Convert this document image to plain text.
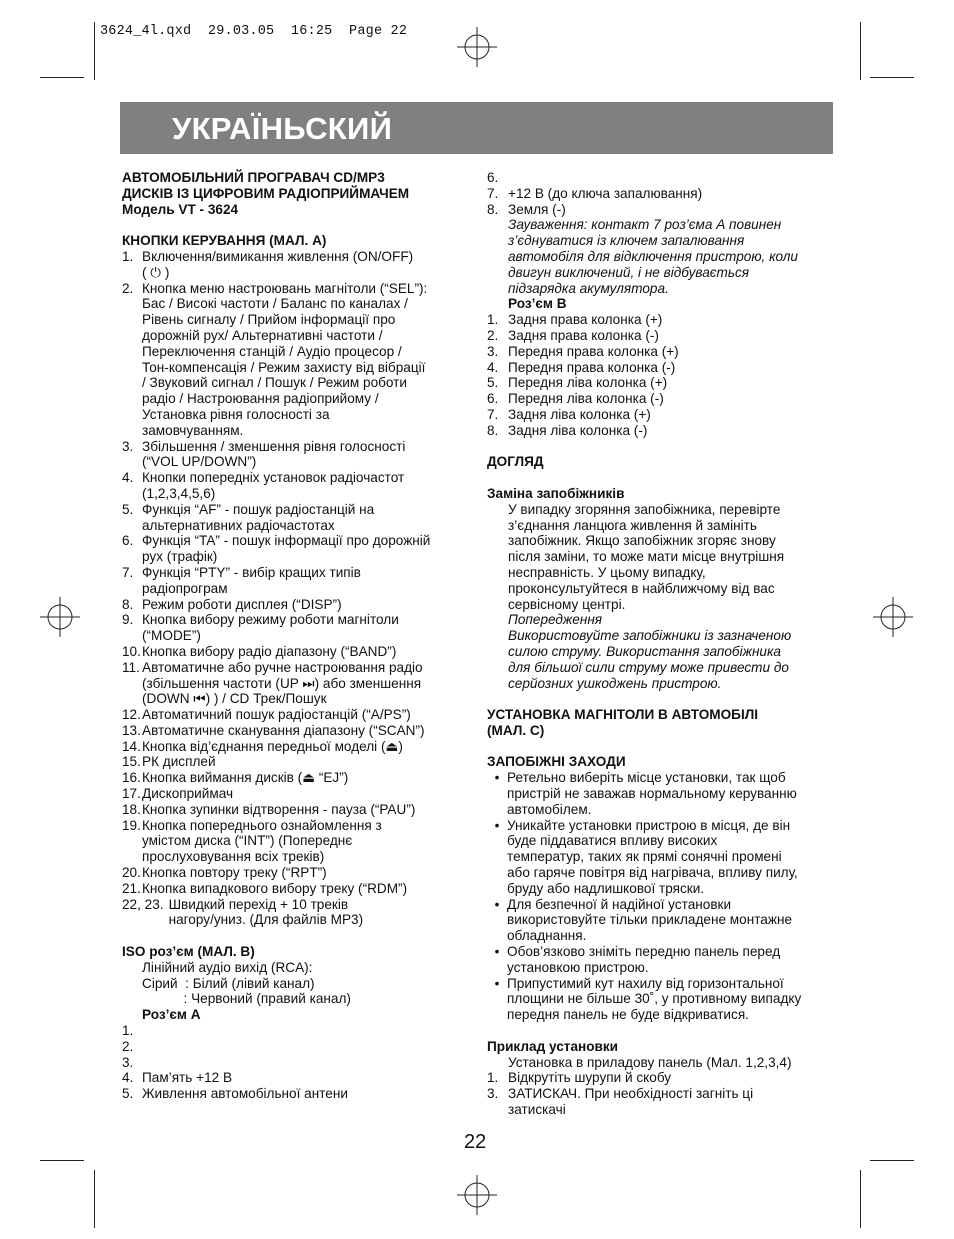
3624_4l.qxd  29.03.05  16:25  Page 22
УКРАЇНЬСКИЙ
АВТОМОБІЛЬНИЙ ПРОГРАВАЧ CD/MP3
ДИСКІВ ІЗ ЦИФРОВИМ РАДІОПРИЙМАЧЕМ
Модель VT - 3624
КНОПКИ КЕРУВАННЯ (МАЛ. А)
1. Включення/вимикання живлення (ON/OFF)
( ⏻ )
2. Кнопка меню настроювань магнітоли (“SEL”):
Бас / Високі частоти / Баланс по каналах /
Рівень сигналу / Прийом інформації про
дорожній рух/ Альтернативні частоти /
Переключення станцій / Аудіо процесор /
Тон-компенсація / Режим захисту від вібрації
/ Звуковий сигнал / Пошук / Режим роботи
радіо / Настроювання радіоприйому /
Установка рівня голосності за
замовчуванням.
3. Збільшення / зменшення рівня голосності
(“VOL UP/DOWN”)
4. Кнопки попередніх установок радіочастот
(1,2,3,4,5,6)
5. Функція “AF” - пошук радіостанцій на
альтернативних радіочастотах
6. Функція “TA” - пошук інформації про дорожній
рух (трафік)
7. Функція “PTY” - вибір кращих типів
радіопрограм
8. Режим роботи дисплея (“DISP”)
9. Кнопка вибору режиму роботи магнітоли
(“MODE”)
10. Кнопка вибору радіо діапазону (“BAND”)
11. Автоматичне або ручне настроювання радіо
(збільшення частоти (UP ⏭) або зменшення
(DOWN ⏮) ) / CD Трек/Пошук
12. Автоматичний пошук радіостанцій (“A/PS”)
13. Автоматичне сканування діапазону (“SCAN”)
14. Кнопка від’єднання передньої моделі (⏏)
15. РК дисплей
16. Кнопка виймання дисків (⏏ “EJ”)
17. Дископриймач
18. Кнопка зупинки відтворення - пауза (“PAU”)
19. Кнопка попереднього ознайомлення з
умістом диска (“INT”) (Попереднє
прослуховування всіх треків)
20. Кнопка повтору треку (“RPT”)
21. Кнопка випадкового вибору треку (“RDM”)
22, 23. Швидкий перехід + 10 треків
нагору/униз. (Для файлів MP3)
ISO роз’єм (МАЛ. B)
Лінійний аудіо вихід (RCA):
Сірий  : Білий (лівий канал)
: Червоний (правий канал)
Роз’єм A
1.

2.

3.

4. Пам’ять +12 В
5. Живлення автомобільної антени
6.

7. +12 В (до ключа запалювання)
8. Земля (-)
Зауваження: контакт 7 роз’єма А повинен
з’єднуватися із ключем запалювання
автомобіля для відключення пристрою, коли
двигун виключений, і не відбувається
підзарядка акумулятора.
Роз’єм B
1. Задня права колонка (+)
2. Задня права колонка (-)
3. Передня права колонка (+)
4. Передня права колонка (-)
5. Передня ліва колонка (+)
6. Передня ліва колонка (-)
7. Задня ліва колонка (+)
8. Задня ліва колонка (-)
ДОГЛЯД
Заміна запобіжників
У випадку згоряння запобіжника, перевірте
з’єднання ланцюга живлення й замініть
запобіжник. Якщо запобіжник згоряє знову
після заміни, то може мати місце внутрішня
несправність. У цьому випадку,
проконсультуйтеся в найближчому від вас
сервісному центрі.
Попередження
Використовуйте запобіжники із зазначеною
силою струму. Використання запобіжника
для більшої сили струму може привести до
серйозних ушкоджень пристрою.
УСТАНОВКА МАГНІТОЛИ В АВТОМОБІЛІ
(МАЛ. С)
ЗАПОБІЖНІ ЗАХОДИ
• Ретельно виберіть місце установки, так щоб
пристрій не заважав нормальному керуванню
автомобілем.
• Уникайте установки пристрою в місця, де він
буде піддаватися впливу високих
температур, таких як прямі сонячні промені
або гаряче повітря від нагрівача, впливу пилу,
бруду або надлишкової тряски.
• Для безпечної й надійної установки
використовуйте тільки прикладене монтажне
обладнання.
• Обов’язково зніміть передню панель перед
установкою пристрою.
• Припустимий кут нахилу від горизонтальної
площини не більше 30˚, у противному випадку
передня панель не буде відкриватися.
Приклад установки
Установка в приладову панель (Мал. 1,2,3,4)
1. Відкрутіть шурупи й скобу
3. ЗАТИСКАЧ. При необхідності загніть ці
затискачі
22
